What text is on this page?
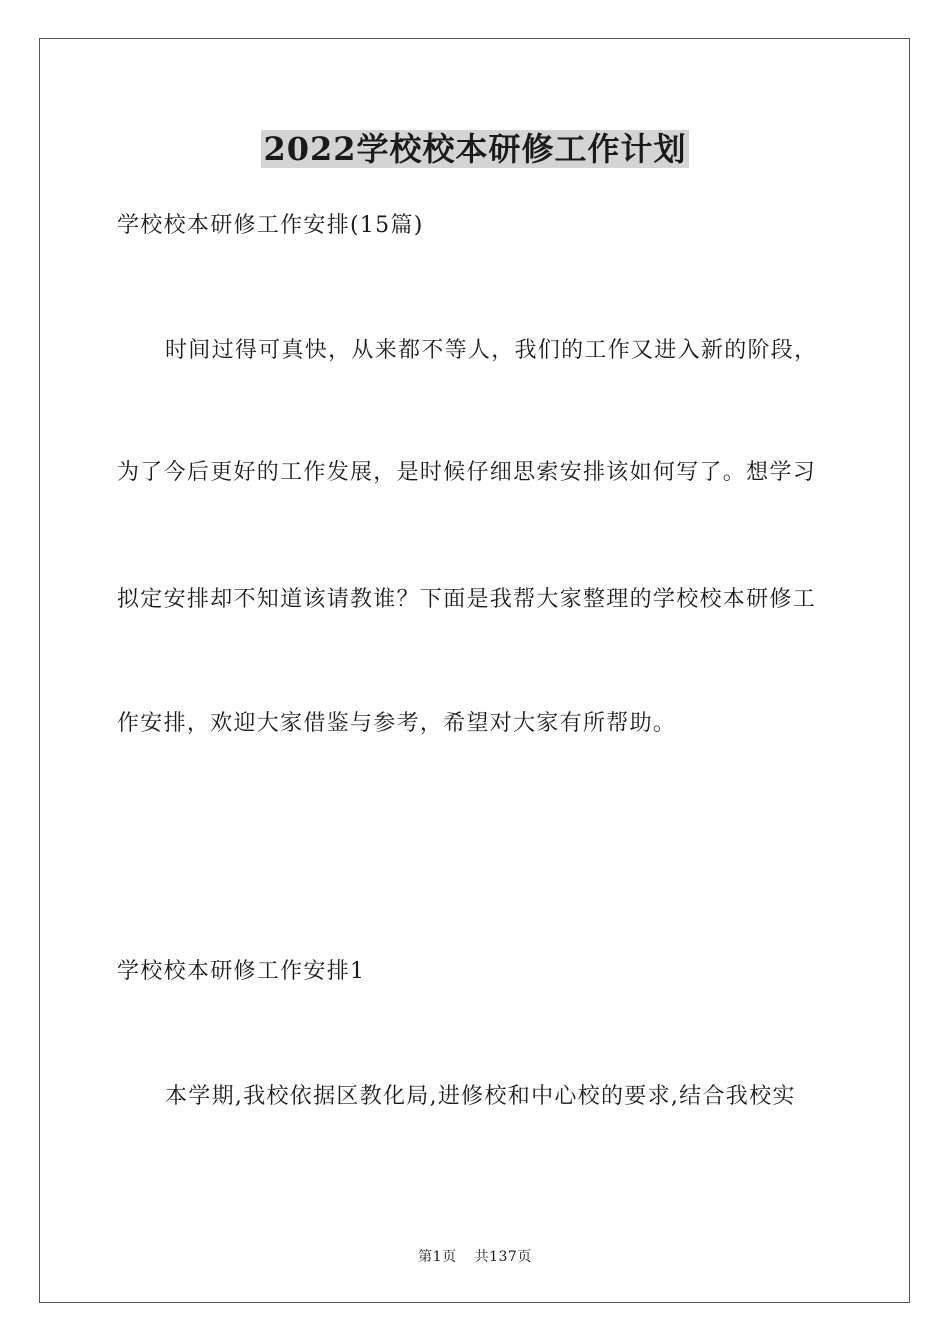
2022学校校本研修工作计划
学校校本研修工作安排(15篇)
时间过得可真快，从来都不等人，我们的工作又进入新的阶段，
为了今后更好的工作发展，是时候仔细思索安排该如何写了。想学习
拟定安排却不知道该请教谁？下面是我帮大家整理的学校校本研修工
作安排，欢迎大家借鉴与参考，希望对大家有所帮助。
学校校本研修工作安排1
本学期,我校依据区教化局,进修校和中心校的要求,结合我校实
第1页 共137页
